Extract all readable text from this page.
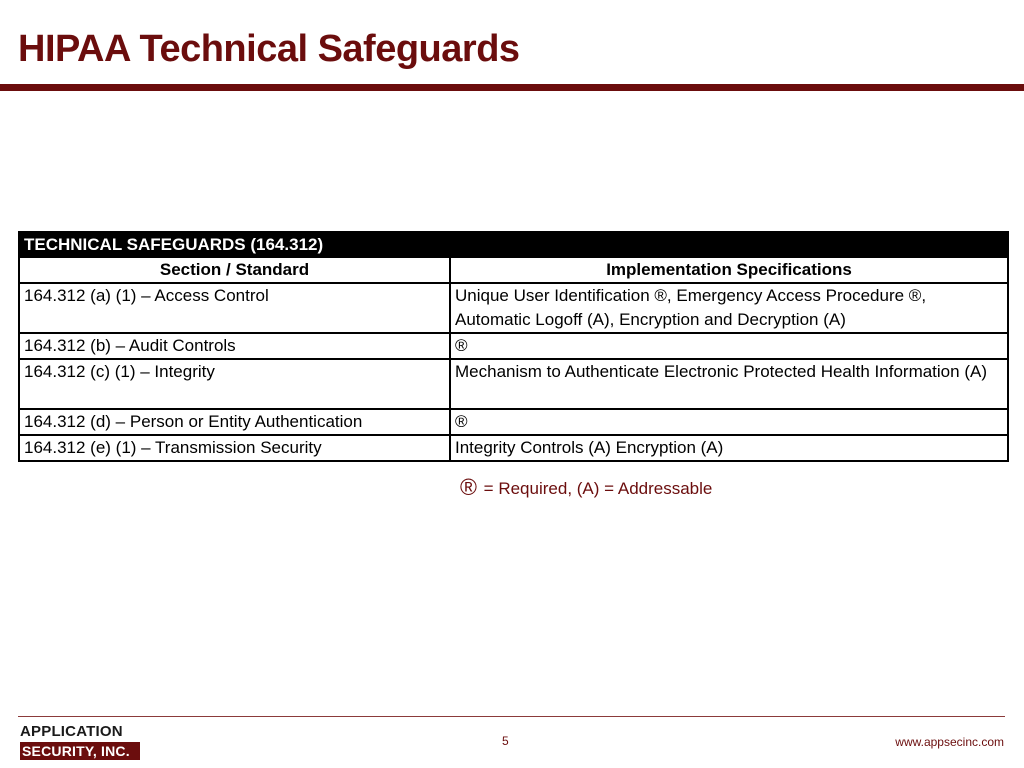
HIPAA Technical Safeguards
TECHNICAL SAFEGUARDS (164.312)	
Section / Standard	Implementation Specifications
164.312 (a) (1) – Access Control	Unique User Identification ®, Emergency Access Procedure ®, Automatic Logoff (A), Encryption and Decryption (A)
164.312 (b) – Audit Controls	®
164.312 (c) (1) – Integrity	Mechanism to Authenticate Electronic Protected Health Information (A)
164.312 (d) – Person or Entity Authentication	®
164.312 (e) (1) – Transmission Security	Integrity Controls (A) Encryption (A)
® = Required, (A) = Addressable
APPLICATION
SECURITY, INC.
5	www.appsecinc.com
